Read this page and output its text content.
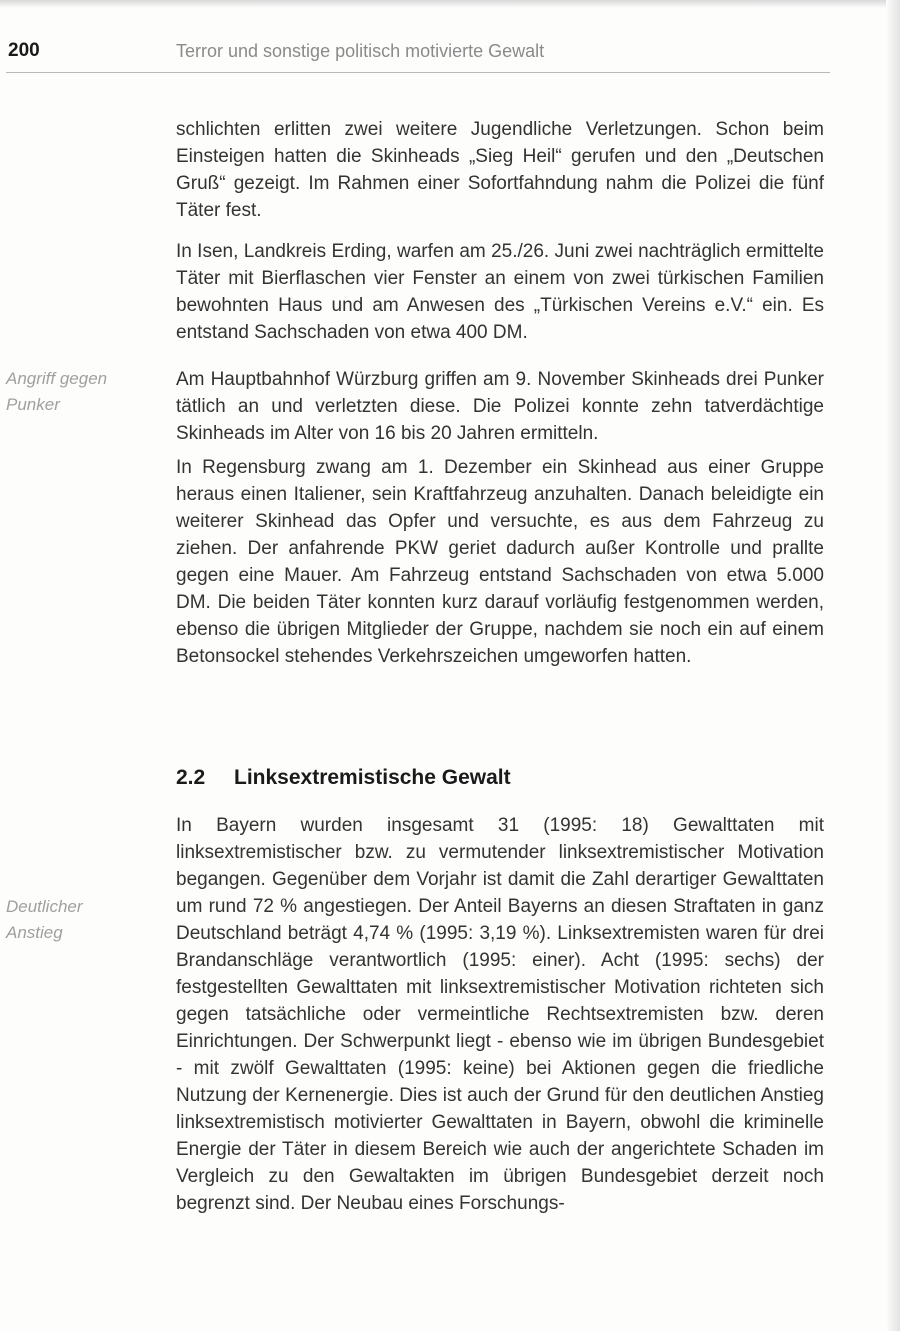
200	Terror und sonstige politisch motivierte Gewalt
Angriff gegen
Punker
Deutlicher
Anstieg

schlichten erlitten zwei weitere Jugendliche Verletzungen. Schon beim Einsteigen hatten die Skinheads „Sieg Heil“ gerufen und den „Deutschen Gruß“ gezeigt. Im Rahmen einer Sofortfahndung nahm die Polizei die fünf Täter fest.

In Isen, Landkreis Erding, warfen am 25./26. Juni zwei nachträglich ermittelte Täter mit Bierflaschen vier Fenster an einem von zwei türkischen Familien bewohnten Haus und am Anwesen des „Türkischen Vereins e.V.“ ein. Es entstand Sachschaden von etwa 400 DM.

Am Hauptbahnhof Würzburg griffen am 9. November Skinheads drei Punker tätlich an und verletzten diese. Die Polizei konnte zehn tatverdächtige Skinheads im Alter von 16 bis 20 Jahren ermitteln.

In Regensburg zwang am 1. Dezember ein Skinhead aus einer Gruppe heraus einen Italiener, sein Kraftfahrzeug anzuhalten. Danach beleidigte ein weiterer Skinhead das Opfer und versuchte, es aus dem Fahrzeug zu ziehen. Der anfahrende PKW geriet dadurch außer Kontrolle und prallte gegen eine Mauer. Am Fahrzeug entstand Sachschaden von etwa 5.000 DM. Die beiden Täter konnten kurz darauf vorläufig festgenommen werden, ebenso die übrigen Mitglieder der Gruppe, nachdem sie noch ein auf einem Betonsockel stehendes Verkehrszeichen umgeworfen hatten.

2.2 Linksextremistische Gewalt

In Bayern wurden insgesamt 31 (1995: 18) Gewalttaten mit linksextremistischer bzw. zu vermutender linksextremistischer Motivation begangen. Gegenüber dem Vorjahr ist damit die Zahl derartiger Gewalttaten um rund 72 % angestiegen. Der Anteil Bayerns an diesen Straftaten in ganz Deutschland beträgt 4,74 % (1995: 3,19 %). Linksextremisten waren für drei Brandanschläge verantwortlich (1995: einer). Acht (1995: sechs) der festgestellten Gewalttaten mit linksextremistischer Motivation richteten sich gegen tatsächliche oder vermeintliche Rechtsextremisten bzw. deren Einrichtungen. Der Schwerpunkt liegt - ebenso wie im übrigen Bundesgebiet - mit zwölf Gewalttaten (1995: keine) bei Aktionen gegen die friedliche Nutzung der Kernenergie. Dies ist auch der Grund für den deutlichen Anstieg linksextremistisch motivierter Gewalttaten in Bayern, obwohl die kriminelle Energie der Täter in diesem Bereich wie auch der angerichtete Schaden im Vergleich zu den Gewaltakten im übrigen Bundesgebiet derzeit noch begrenzt sind. Der Neubau eines Forschungs-
